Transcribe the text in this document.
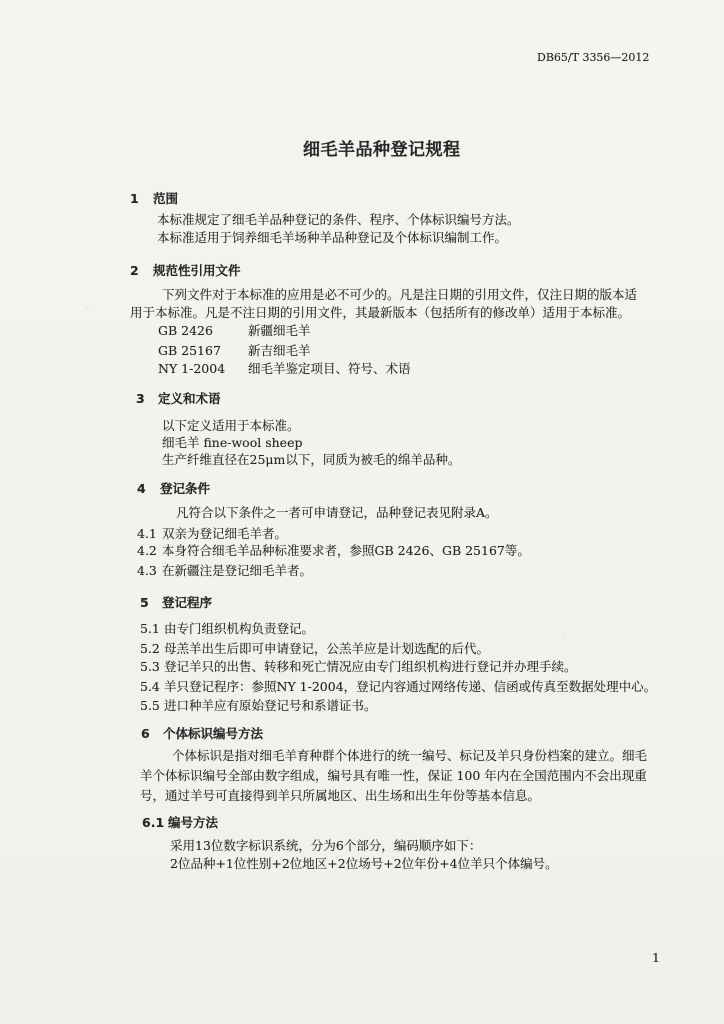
DB65/T 3356—2012
细毛羊品种登记规程
1 范围
本标准规定了细毛羊品种登记的条件、程序、个体标识编号方法。
本标准适用于饲养细毛羊场种羊品种登记及个体标识编制工作。
2 规范性引用文件
下列文件对于本标准的应用是必不可少的。凡是注日期的引用文件，仅注日期的版本适
用于本标准。凡是不注日期的引用文件，其最新版本（包括所有的修改单）适用于本标准。
GB 2426	新疆细毛羊
GB 25167 新吉细毛羊
NY 1-2004 细毛羊鉴定项目、符号、术语
3 定义和术语
以下定义适用于本标准。
细毛羊 fine-wool sheep
生产纤维直径在25μm以下，同质为被毛的绵羊品种。
4 登记条件
凡符合以下条件之一者可申请登记，品种登记表见附录A。
4.1 双亲为登记细毛羊者。
4.2 本身符合细毛羊品种标准要求者，参照GB 2426、GB 25167等。
4.3 在新疆注是登记细毛羊者。
5 登记程序
5.1 由专门组织机构负责登记。
5.2 母羔羊出生后即可申请登记，公羔羊应是计划选配的后代。
5.3 登记羊只的出售、转移和死亡情况应由专门组织机构进行登记并办理手续。
5.4 羊只登记程序：参照NY 1-2004，登记内容通过网络传递、信函或传真至数据处理中心。
5.5 进口种羊应有原始登记号和系谱证书。
6 个体标识编号方法
个体标识是指对细毛羊育种群个体进行的统一编号、标记及羊只身份档案的建立。细毛
羊个体标识编号全部由数字组成，编号具有唯一性，保证 100 年内在全国范围内不会出现重
号，通过羊号可直接得到羊只所属地区、出生场和出生年份等基本信息。
6.1 编号方法
采用13位数字标识系统，分为6个部分，编码顺序如下：
2位品种+1位性别+2位地区+2位场号+2位年份+4位羊只个体编号。
1
